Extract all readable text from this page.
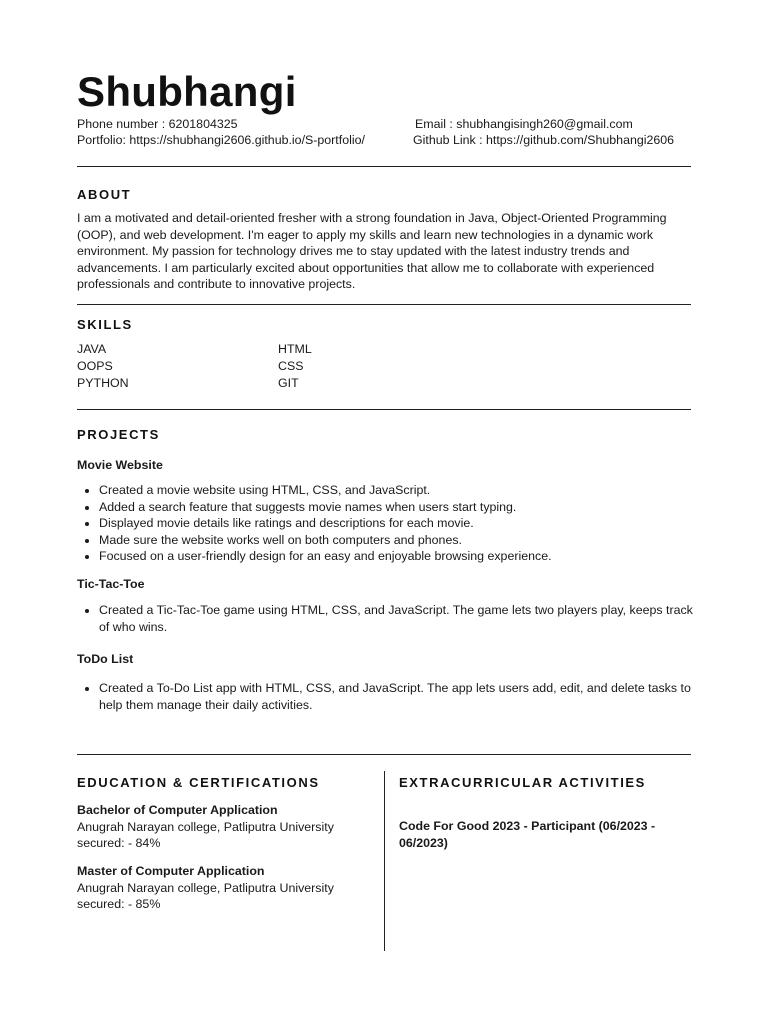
Shubhangi
Phone number : 6201804325	Email : shubhangisingh260@gmail.com
Portfolio: https://shubhangi2606.github.io/S-portfolio/	Github Link : https://github.com/Shubhangi2606
ABOUT
I am a motivated and detail-oriented fresher with a strong foundation in Java, Object-Oriented Programming (OOP), and web development. I'm eager to apply my skills and learn new technologies in a dynamic work environment. My passion for technology drives me to stay updated with the latest industry trends and advancements. I am particularly excited about opportunities that allow me to collaborate with experienced professionals and contribute to innovative projects.
SKILLS
JAVA
OOPS
PYTHON
HTML
CSS
GIT
PROJECTS
Movie Website
• Created a movie website using HTML, CSS, and JavaScript.
• Added a search feature that suggests movie names when users start typing.
• Displayed movie details like ratings and descriptions for each movie.
• Made sure the website works well on both computers and phones.
• Focused on a user-friendly design for an easy and enjoyable browsing experience.
Tic-Tac-Toe
• Created a Tic-Tac-Toe game using HTML, CSS, and JavaScript. The game lets two players play, keeps track of who wins.
ToDo List
• Created a To-Do List app with HTML, CSS, and JavaScript. The app lets users add, edit, and delete tasks to help them manage their daily activities.
EDUCATION & CERTIFICATIONS
Bachelor of Computer Application
Anugrah Narayan college, Patliputra University
secured: - 84%
Master of Computer Application
Anugrah Narayan college, Patliputra University
secured: - 85%
EXTRACURRICULAR ACTIVITIES
Code For Good 2023 - Participant (06/2023 - 06/2023)
